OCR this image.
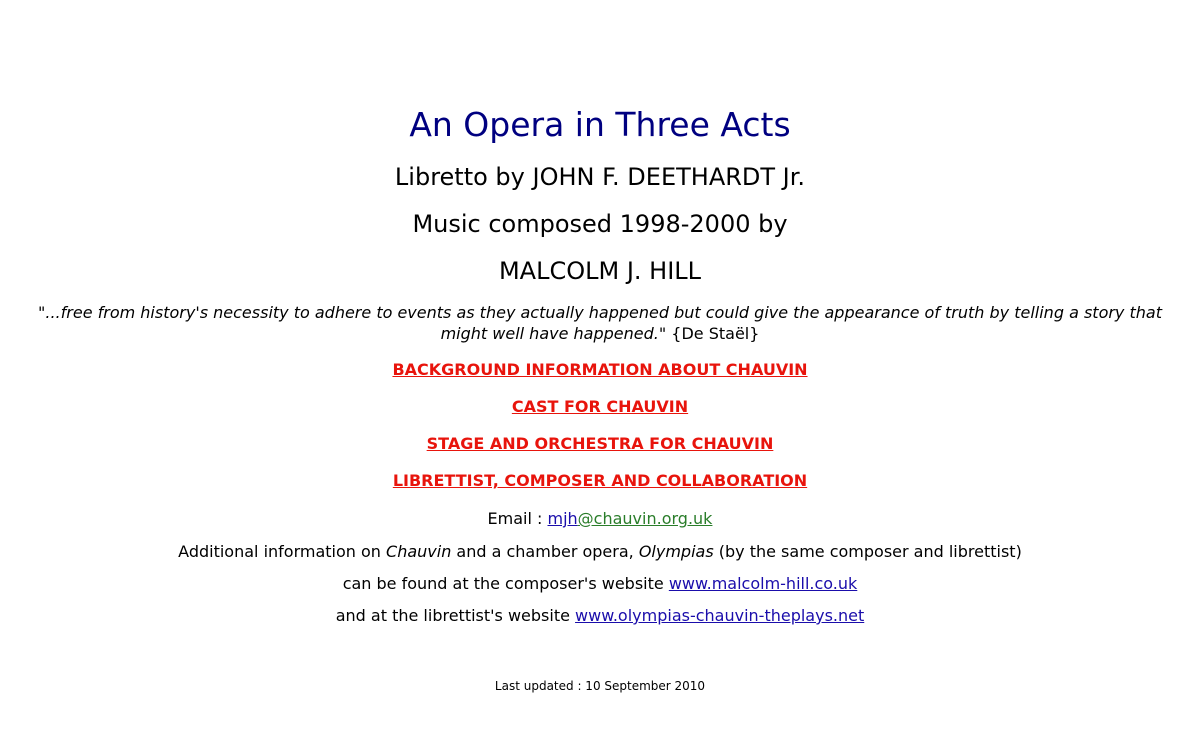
An Opera in Three Acts

Libretto by JOHN F. DEETHARDT Jr.

Music composed 1998-2000 by

MALCOLM J. HILL

"...free from history's necessity to adhere to events as they actually happened but could give the appearance of truth by telling a story that might well have happened." {De Staël}

BACKGROUND INFORMATION ABOUT CHAUVIN

CAST FOR CHAUVIN

STAGE AND ORCHESTRA FOR CHAUVIN

LIBRETTIST, COMPOSER AND COLLABORATION

Email : mjh@chauvin.org.uk

Additional information on Chauvin and a chamber opera, Olympias (by the same composer and librettist)

can be found at the composer's website www.malcolm-hill.co.uk

and at the librettist's website www.olympias-chauvin-theplays.net

Last updated : 10 September 2010
